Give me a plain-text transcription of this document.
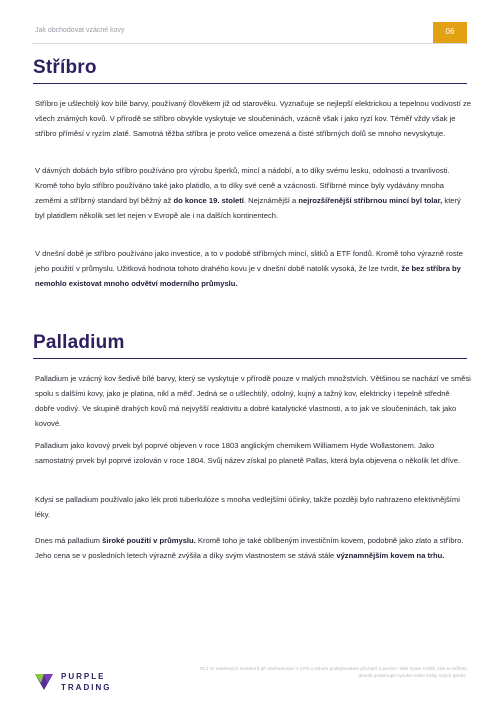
Jak obchodovat vzácné kovy	06
Stříbro

Stříbro je ušlechtilý kov bílé barvy, používaný člověkem již od starověku. Vyznačuje se nejlepší elektrickou a tepelnou vodivostí ze všech známých kovů. V přírodě se stříbro obvykle vyskytuje ve sloučeninách, vzácně však i jako ryzí kov. Téměř vždy však je stříbro příměsí v ryzím zlatě. Samotná těžba stříbra je proto velice omezená a čisté stříbrných dolů se mnoho nevyskytuje.

V dávných dobách bylo stříbro používáno pro výrobu šperků, mincí a nádobí, a to díky svému lesku, odolnosti a trvanlivosti. Kromě toho bylo stříbro používáno také jako platidlo, a to díky své ceně a vzácnosti. Stříbrné mince byly vydávány mnoha zeměmi a stříbrný standard byl běžný až do konce 19. století. Nejznámější a nejrozšířenější stříbrnou mincí byl tolar, který byl platidlem několik set let nejen v Evropě ale i na dalších kontinentech.

V dnešní době je stříbro používáno jako investice, a to v podobě stříbrných mincí, slitků a ETF fondů. Kromě toho výrazně roste jeho použití v průmyslu. Užitková hodnota tohoto drahého kovu je v dnešní době natolik vysoká, že lze tvrdit, že bez stříbra by nemohlo existovat mnoho odvětví moderního průmyslu.

Palladium

Palladium je vzácný kov šedivě bílé barvy, který se vyskytuje v přírodě pouze v malých množstvích. Většinou se nachází ve směsi spolu s dalšími kovy, jako je platina, nikl a měď. Jedná se o ušlechtilý, odolný, kujný a tažný kov, elektricky i tepelně středně dobře vodivý. Ve skupině drahých kovů má nejvyšší reaktivitu a dobré katalytické vlastnosti, a to jak ve sloučeninách, tak jako kovové.

Palladium jako kovový prvek byl poprvé objeven v roce 1803 anglickým chemikem Williamem Hyde Wollastonem. Jako samostatný prvek byl poprvé izolován v roce 1804. Svůj název získal po planetě Pallas, která byla objevena o několik let dříve.

Kdysi se palladium používalo jako lék proti tuberkulóze s mnoha vedlejšími účinky, takže později bylo nahrazeno efektivnějšími léky.

Dnes má palladium široké použití v průmyslu. Kromě toho je také oblíbeným investičním kovem, podobně jako zlato a stříbro. Jeho cena se v posledních letech výrazně zvýšila a díky svým vlastnostem se stává stále významnějším kovem na trhu.

PURPLE
TRADING
76,2 % retailových investorů při obchodování s CFD u tohoto poskytovatele přichází o peníze. Měli byste zvážit, zda si můžete dovolit podstoupit vysoké riziko ztráty svých peněz.
